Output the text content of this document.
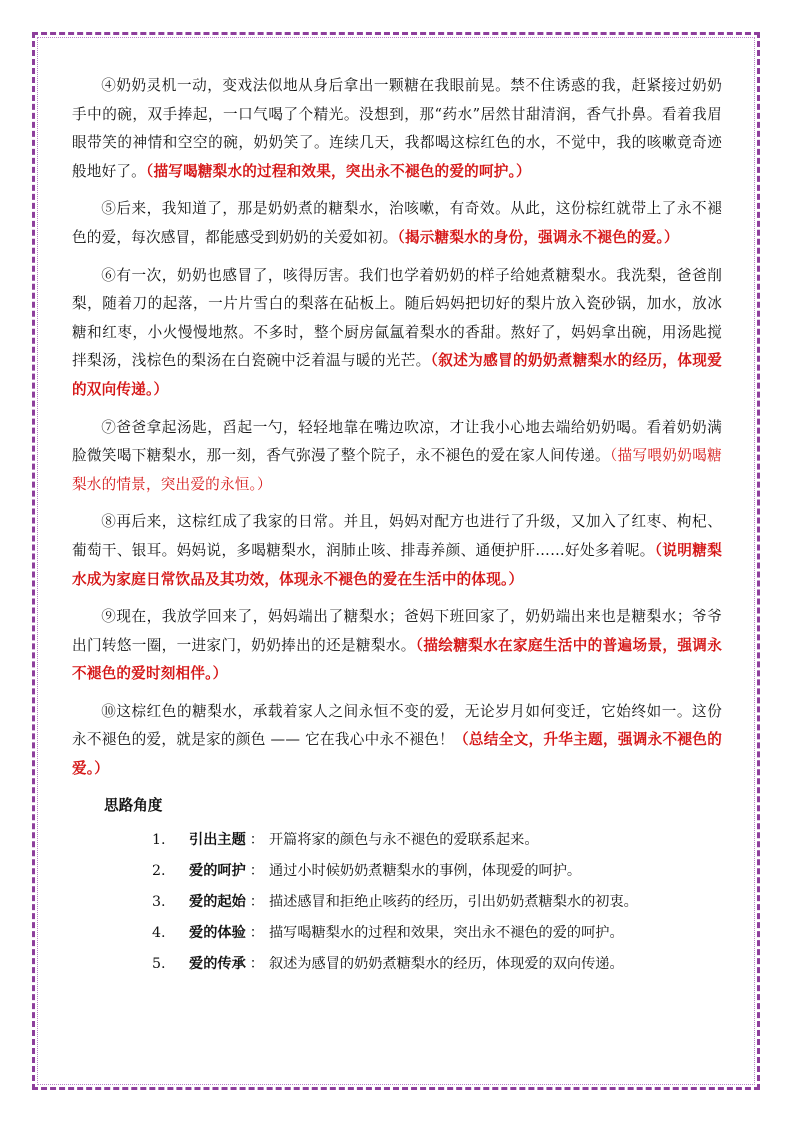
④奶奶灵机一动，变戏法似地从身后拿出一颗糖在我眼前晃。禁不住诱惑的我，赶紧接过奶奶手中的碗，双手捧起，一口气喝了个精光。没想到，那“药水”居然甘甜清润，香气扑鼻。看着我眉眼带笑的神情和空空的碗，奶奶笑了。连续几天，我都喝这棕红色的水，不觉中，我的咳嗽竟奇迹般地好了。（描写喝糖梨水的过程和效果，突出永不褪色的爱的呵护。）

⑤后来，我知道了，那是奶奶煮的糖梨水，治咳嗽，有奇效。从此，这份棕红就带上了永不褪色的爱，每次感冒，都能感受到奶奶的关爱如初。（揭示糖梨水的身份，强调永不褪色的爱。）

⑥有一次，奶奶也感冒了，咳得厉害。我们也学着奶奶的样子给她煮糖梨水。我洗梨，爸爸削梨，随着刀的起落，一片片雪白的梨落在砧板上。随后妈妈把切好的梨片放入瓷砂锅，加水，放冰糖和红枣，小火慢慢地熬。不多时，整个厨房氤氲着梨水的香甜。熬好了，妈妈拿出碗，用汤匙搅拌梨汤，浅棕色的梨汤在白瓷碗中泛着温与暖的光芒。（叙述为感冒的奶奶煮糖梨水的经历，体现爱的双向传递。）

⑦爸爸拿起汤匙，舀起一勺，轻轻地靠在嘴边吹凉，才让我小心地去端给奶奶喝。看着奶奶满脸微笑喝下糖梨水，那一刻，香气弥漫了整个院子，永不褪色的爱在家人间传递。（描写喂奶奶喝糖梨水的情景，突出爱的永恒。）

⑧再后来，这棕红成了我家的日常。并且，妈妈对配方也进行了升级，又加入了红枣、枸杞、葡萄干、银耳。妈妈说，多喝糖梨水，润肺止咳、排毒养颜、通便护肝……好处多着呢。（说明糖梨水成为家庭日常饮品及其功效，体现永不褪色的爱在生活中的体现。）

⑨现在，我放学回来了，妈妈端出了糖梨水；爸妈下班回家了，奶奶端出来也是糖梨水；爷爷出门转悠一圈，一进家门，奶奶捧出的还是糖梨水。（描绘糖梨水在家庭生活中的普遍场景，强调永不褪色的爱时刻相伴。）

⑩这棕红色的糖梨水，承载着家人之间永恒不变的爱，无论岁月如何变迁，它始终如一。这份永不褪色的爱，就是家的颜色 —— 它在我心中永不褪色！（总结全文，升华主题，强调永不褪色的爱。）

思路角度
1. 引出主题 ： 开篇将家的颜色与永不褪色的爱联系起来。
2. 爱的呵护 ： 通过小时候奶奶煮糖梨水的事例，体现爱的呵护。
3. 爱的起始 ： 描述感冒和拒绝止咳药的经历，引出奶奶煮糖梨水的初衷。
4. 爱的体验 ： 描写喝糖梨水的过程和效果，突出永不褪色的爱的呵护。
5. 爱的传承 ： 叙述为感冒的奶奶煮糖梨水的经历，体现爱的双向传递。
